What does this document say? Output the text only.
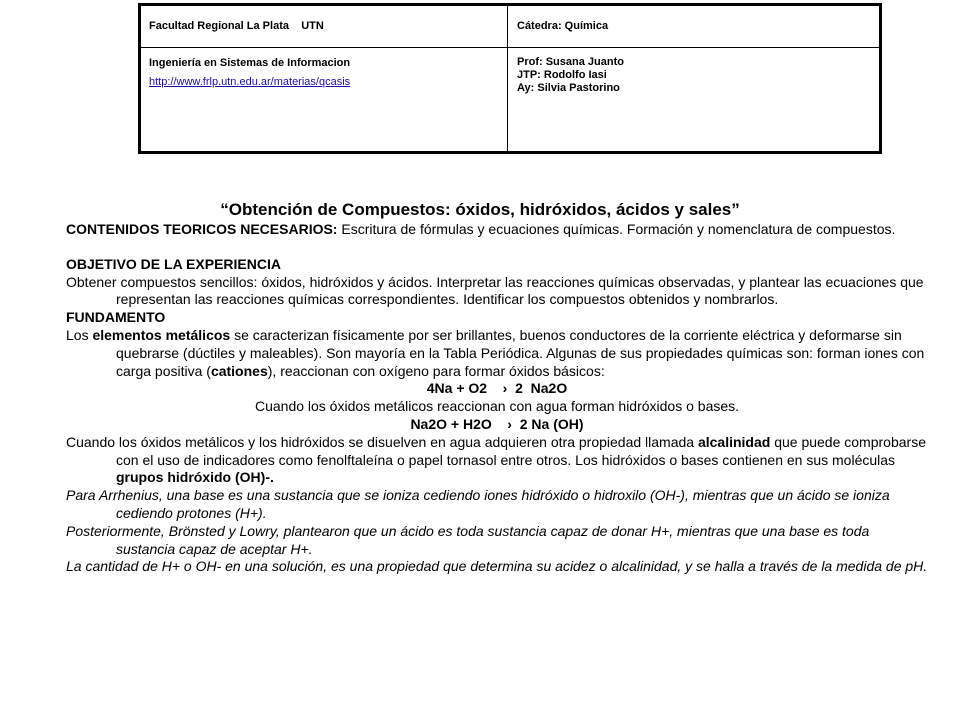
Facultad Regional La Plata    UTN	Cátedra: Química
Ingeniería en Sistemas de Informacion
http://www.frlp.utn.edu.ar/materias/qcasis
Prof: Susana Juanto
JTP: Rodolfo Iasi
Ay: Silvia Pastorino
“Obtención de Compuestos: óxidos, hidróxidos, ácidos y sales”

CONTENIDOS TEORICOS NECESARIOS: Escritura de fórmulas y ecuaciones químicas. Formación y nomenclatura de compuestos.

OBJETIVO DE LA EXPERIENCIA

Obtener compuestos sencillos: óxidos, hidróxidos y ácidos. Interpretar las reacciones químicas observadas, y plantear las ecuaciones que representan las reacciones químicas correspondientes. Identificar los compuestos obtenidos y nombrarlos.

FUNDAMENTO

Los elementos metálicos se caracterizan físicamente por ser brillantes, buenos conductores de la corriente eléctrica y deformarse sin quebrarse (dúctiles y maleables). Son mayoría en la Tabla Periódica. Algunas de sus propiedades químicas son: forman iones con carga positiva (cationes), reaccionan con oxígeno para formar óxidos básicos:

4Na + O2    ›  2  Na2O

Cuando los óxidos metálicos reaccionan con agua forman hidróxidos o bases.

Na2O + H2O    ›  2 Na (OH)

Cuando los óxidos metálicos y los hidróxidos se disuelven en agua adquieren otra propiedad llamada alcalinidad que puede comprobarse con el uso de indicadores como fenolftaleína o papel tornasol entre otros. Los hidróxidos o bases contienen en sus moléculas grupos hidróxido (OH)-.

Para Arrhenius, una base es una sustancia que se ioniza cediendo iones hidróxido o hidroxilo (OH-), mientras que un ácido se ioniza cediendo protones (H+).

Posteriormente, Brönsted y Lowry, plantearon que un ácido es toda sustancia capaz de donar H+, mientras que una base es toda sustancia capaz de aceptar H+.

La cantidad de H+ o OH- en una solución, es una propiedad que determina su acidez o alcalinidad, y se halla a través de la medida de pH.
